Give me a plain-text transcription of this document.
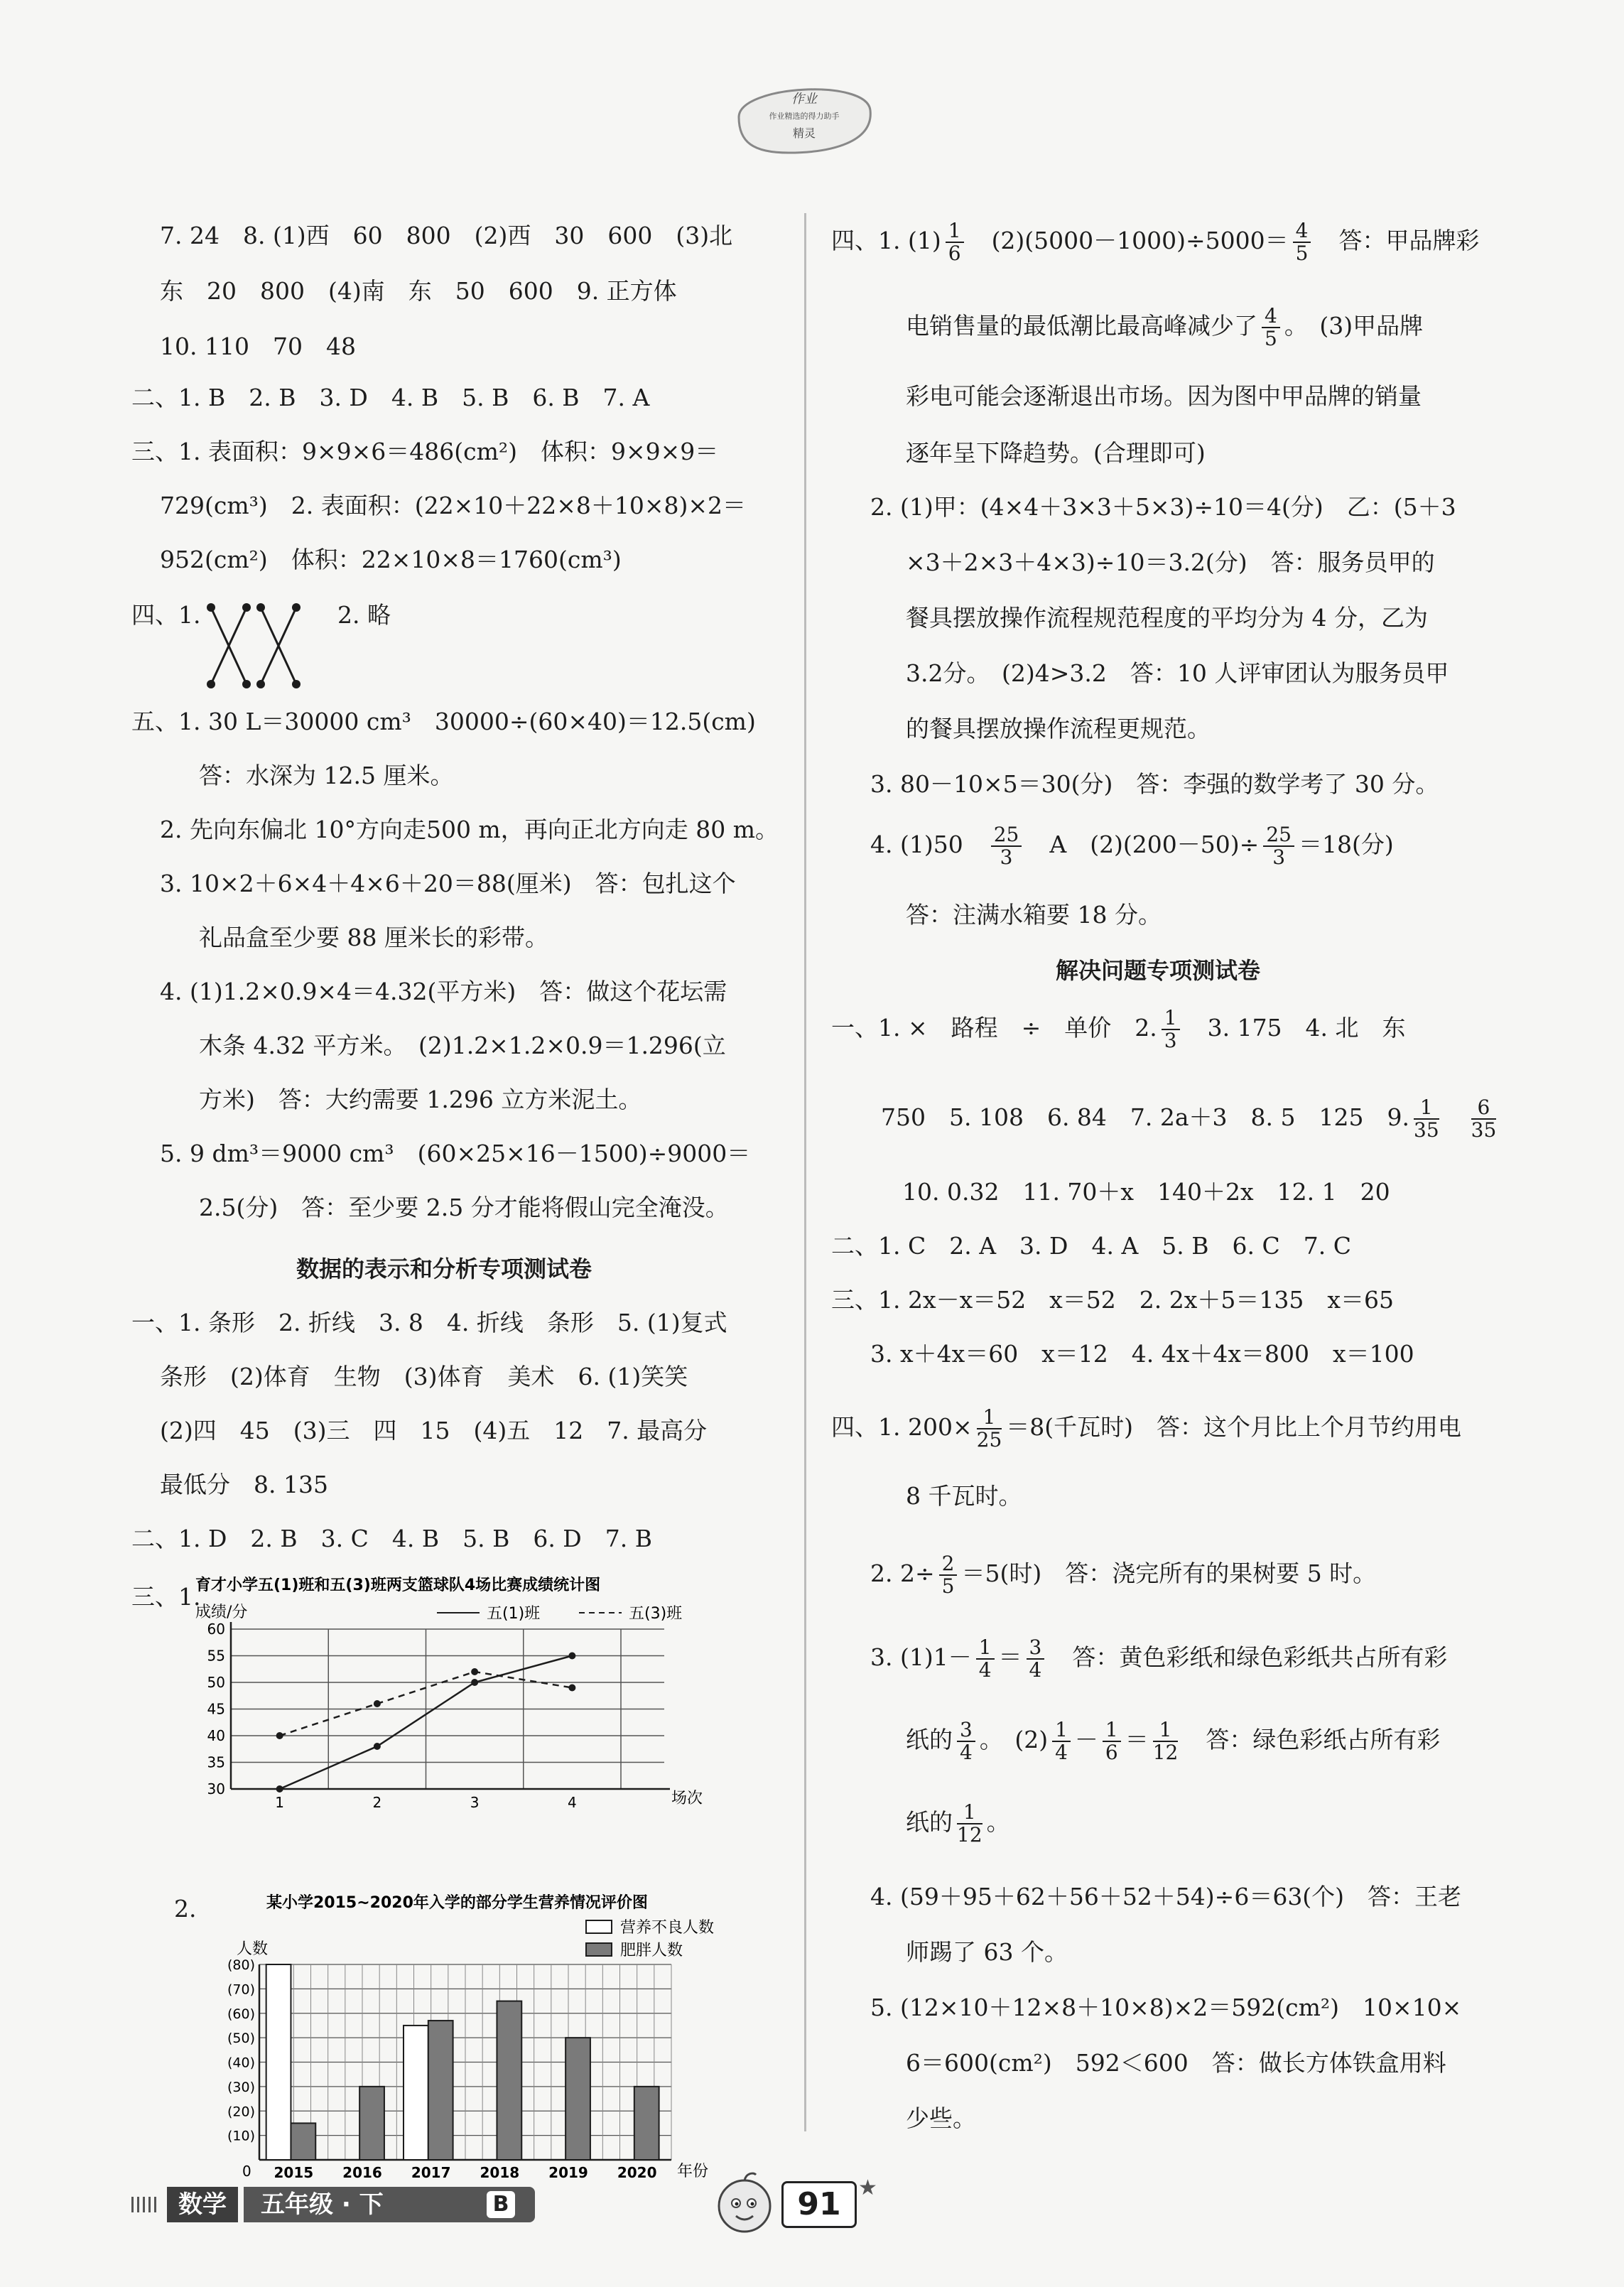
作业
作业精选的得力助手
精灵
7. 24　8. (1)西　60　800　(2)西　30　600　(3)北
东　20　800　(4)南　东　50　600　9. 正方体
10. 110　70　48
二、1. B　2. B　3. D　4. B　5. B　6. B　7. A
三、1. 表面积：9×9×6＝486(cm²)　体积：9×9×9＝
729(cm³)　2. 表面积：(22×10＋22×8＋10×8)×2＝
952(cm²)　体积：22×10×8＝1760(cm³)
四、1.	2. 略
五、1. 30 L＝30000 cm³　30000÷(60×40)＝12.5(cm)
答：水深为 12.5 厘米。
2. 先向东偏北 10°方向走500 m，再向正北方向走 80 m。
3. 10×2＋6×4＋4×6＋20＝88(厘米)　答：包扎这个
礼品盒至少要 88 厘米长的彩带。
4. (1)1.2×0.9×4＝4.32(平方米)　答：做这个花坛需
木条 4.32 平方米。　(2)1.2×1.2×0.9＝1.296(立
方米)　答：大约需要 1.296 立方米泥土。
5. 9 dm³＝9000 cm³　(60×25×16－1500)÷9000＝
2.5(分)　答：至少要 2.5 分才能将假山完全淹没。
数据的表示和分析专项测试卷
一、1. 条形　2. 折线　3. 8　4. 折线　条形　5. (1)复式
条形　(2)体育　生物　(3)体育　美术　6. (1)笑笑
(2)四　45　(3)三　四　15　(4)五　12　7. 最高分
最低分　8. 135
二、1. D　2. B　3. C　4. B　5. B　6. D　7. B
三、1.
育才小学五(1)班和五(3)班两支篮球队4场比赛成绩统计图
成绩/分	五(1)班	五(3)班
场次
30
35
40
45
50
55
60
1	2	3	4
2.	某小学2015~2020年入学的部分学生营养情况评价图
营养不良人数
肥胖人数
人数
0	年份
(10)
(20)
(30)
(40)
(50)
(60)
(70)
(80)
2015 2016 2017 2018 2019 2020
四、1. $(1) \frac{1}{6}$
　 $(2)(5000-1000)\div 5000= \frac{4}{5}$
　 答：甲品牌彩
电销售量的最低潮比最高峰减少了 $\frac{4}{5}$ 。　(3)甲品牌
彩电可能会逐渐退出市场。因为图中甲品牌的销量
逐年呈下降趋势。(合理即可)
2. (1)甲：(4×4＋3×3＋5×3)÷10＝4(分)　乙：(5＋3
×3＋2×3＋4×3)÷10＝3.2(分)　答：服务员甲的
餐具摆放操作流程规范程度的平均分为 4 分，乙为
3.2分。　(2)4>3.2　答：10 人评审团认为服务员甲
的餐具摆放操作流程更规范。
3. 80－10×5＝30(分)　答：李强的数学考了 30 分。
4. (1)50　 $\frac{25}{3}$
　 A　$(2)(200-50)\div \frac{25}{3} =18$(分)
答：注满水箱要 18 分。
解决问题专项测试卷
一、1. ×　路程　÷　单价　2. $\frac{1}{3}$
　 3. 175　4. 北　东
750　5. 108　6. 84　7. 2a＋3　8. 5　125　9. $\frac{1}{35}$
　 $\frac{6}{35}$
10. 0.32　11. 70＋x　140＋2x　12. 1　20
二、1. C　2. A　3. D　4. A　5. B　6. C　7. C
三、1. 2x－x＝52　x＝52　2. 2x＋5＝135　x＝65
3. x＋4x＝60　x＝12　4. 4x＋4x＝800　x＝100
四、1. $200\times \frac{1}{25} =8$(千瓦时)　答：这个月比上个月节约用电
8 千瓦时。
2. $2\div \frac{2}{5} =5$(时)　答：浇完所有的果树要 5 时。
3. $(1)1- \frac{1}{4} = \frac{3}{4}$
　 答：黄色彩纸和绿色彩纸共占所有彩
纸的 $\frac{3}{4}$ 。　$(2) \frac{1}{4} - \frac{1}{6} = \frac{1}{12}$
　 答：绿色彩纸占所有彩
纸的 $\frac{1}{12}$ 。
4. (59＋95＋62＋56＋52＋54)÷6＝63(个)　答：王老
师踢了 63 个。
5. (12×10＋12×8＋10×8)×2＝592(cm²)　10×10×
6＝600(cm²)　592＜600　答：做长方体铁盒用料
少些。
数学	五年级 · 下	B	91 ★
